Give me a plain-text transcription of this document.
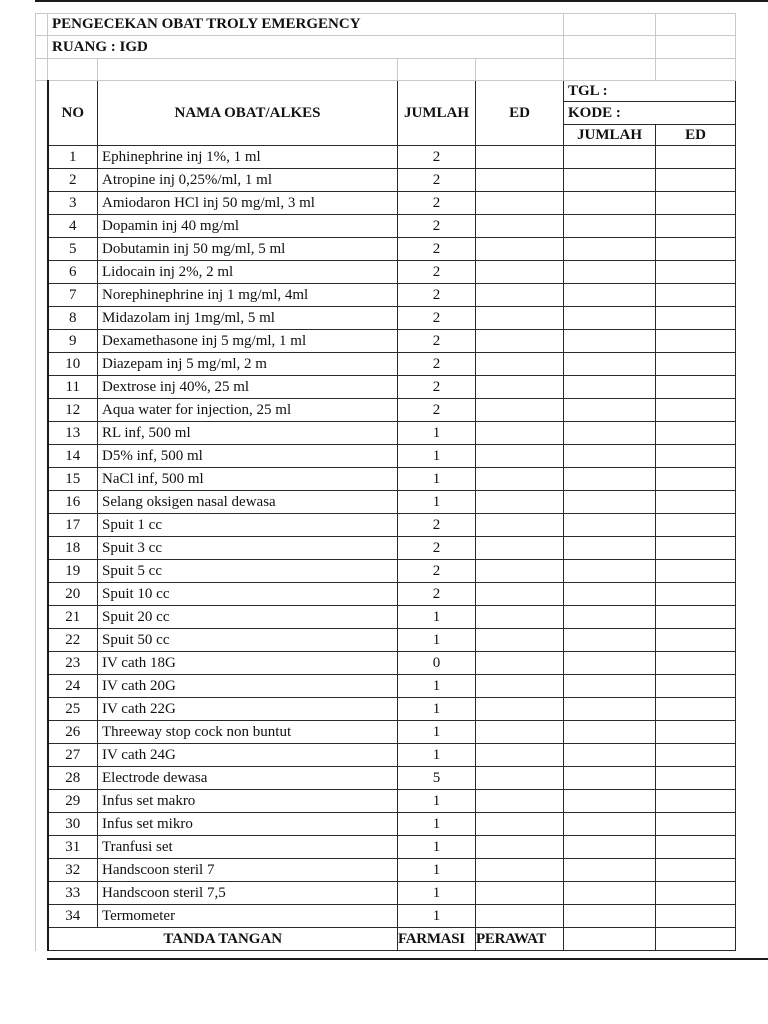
	PENGECEKAN OBAT TROLY EMERGENCY					
	RUANG : IGD					

	NO	NAMA OBAT/ALKES	JUMLAH	ED	TGL :	
					KODE :	
					JUMLAH	ED
	1	Ephinephrine inj 1%, 1 ml	2			
	2	Atropine inj 0,25%/ml, 1 ml	2			
	3	Amiodaron HCl inj 50 mg/ml, 3 ml	2			
	4	Dopamin inj 40 mg/ml	2			
	5	Dobutamin inj 50 mg/ml, 5 ml	2			
	6	Lidocain inj 2%, 2 ml	2			
	7	Norephinephrine inj 1 mg/ml, 4ml	2			
	8	Midazolam inj 1mg/ml, 5 ml	2			
	9	Dexamethasone inj 5 mg/ml, 1 ml	2			
	10	Diazepam inj 5 mg/ml, 2 m	2			
	11	Dextrose inj 40%, 25 ml	2			
	12	Aqua water for injection, 25 ml	2			
	13	RL inf, 500 ml	1			
	14	D5% inf, 500 ml	1			
	15	NaCl inf, 500 ml	1			
	16	Selang oksigen nasal dewasa	1			
	17	Spuit 1 cc	2			
	18	Spuit 3 cc	2			
	19	Spuit 5 cc	2			
	20	Spuit 10 cc	2			
	21	Spuit 20 cc	1			
	22	Spuit 50 cc	1			
	23	IV cath 18G	0			
	24	IV cath 20G	1			
	25	IV cath 22G	1			
	26	Threeway stop cock non buntut	1			
	27	IV cath 24G	1			
	28	Electrode dewasa	5			
	29	Infus set makro	1			
	30	Infus set mikro	1			
	31	Tranfusi set	1			
	32	Handscoon steril 7	1			
	33	Handscoon steril 7,5	1			
	34	Termometer	1			
	TANDA TANGAN		FARMASI	PERAWAT		
